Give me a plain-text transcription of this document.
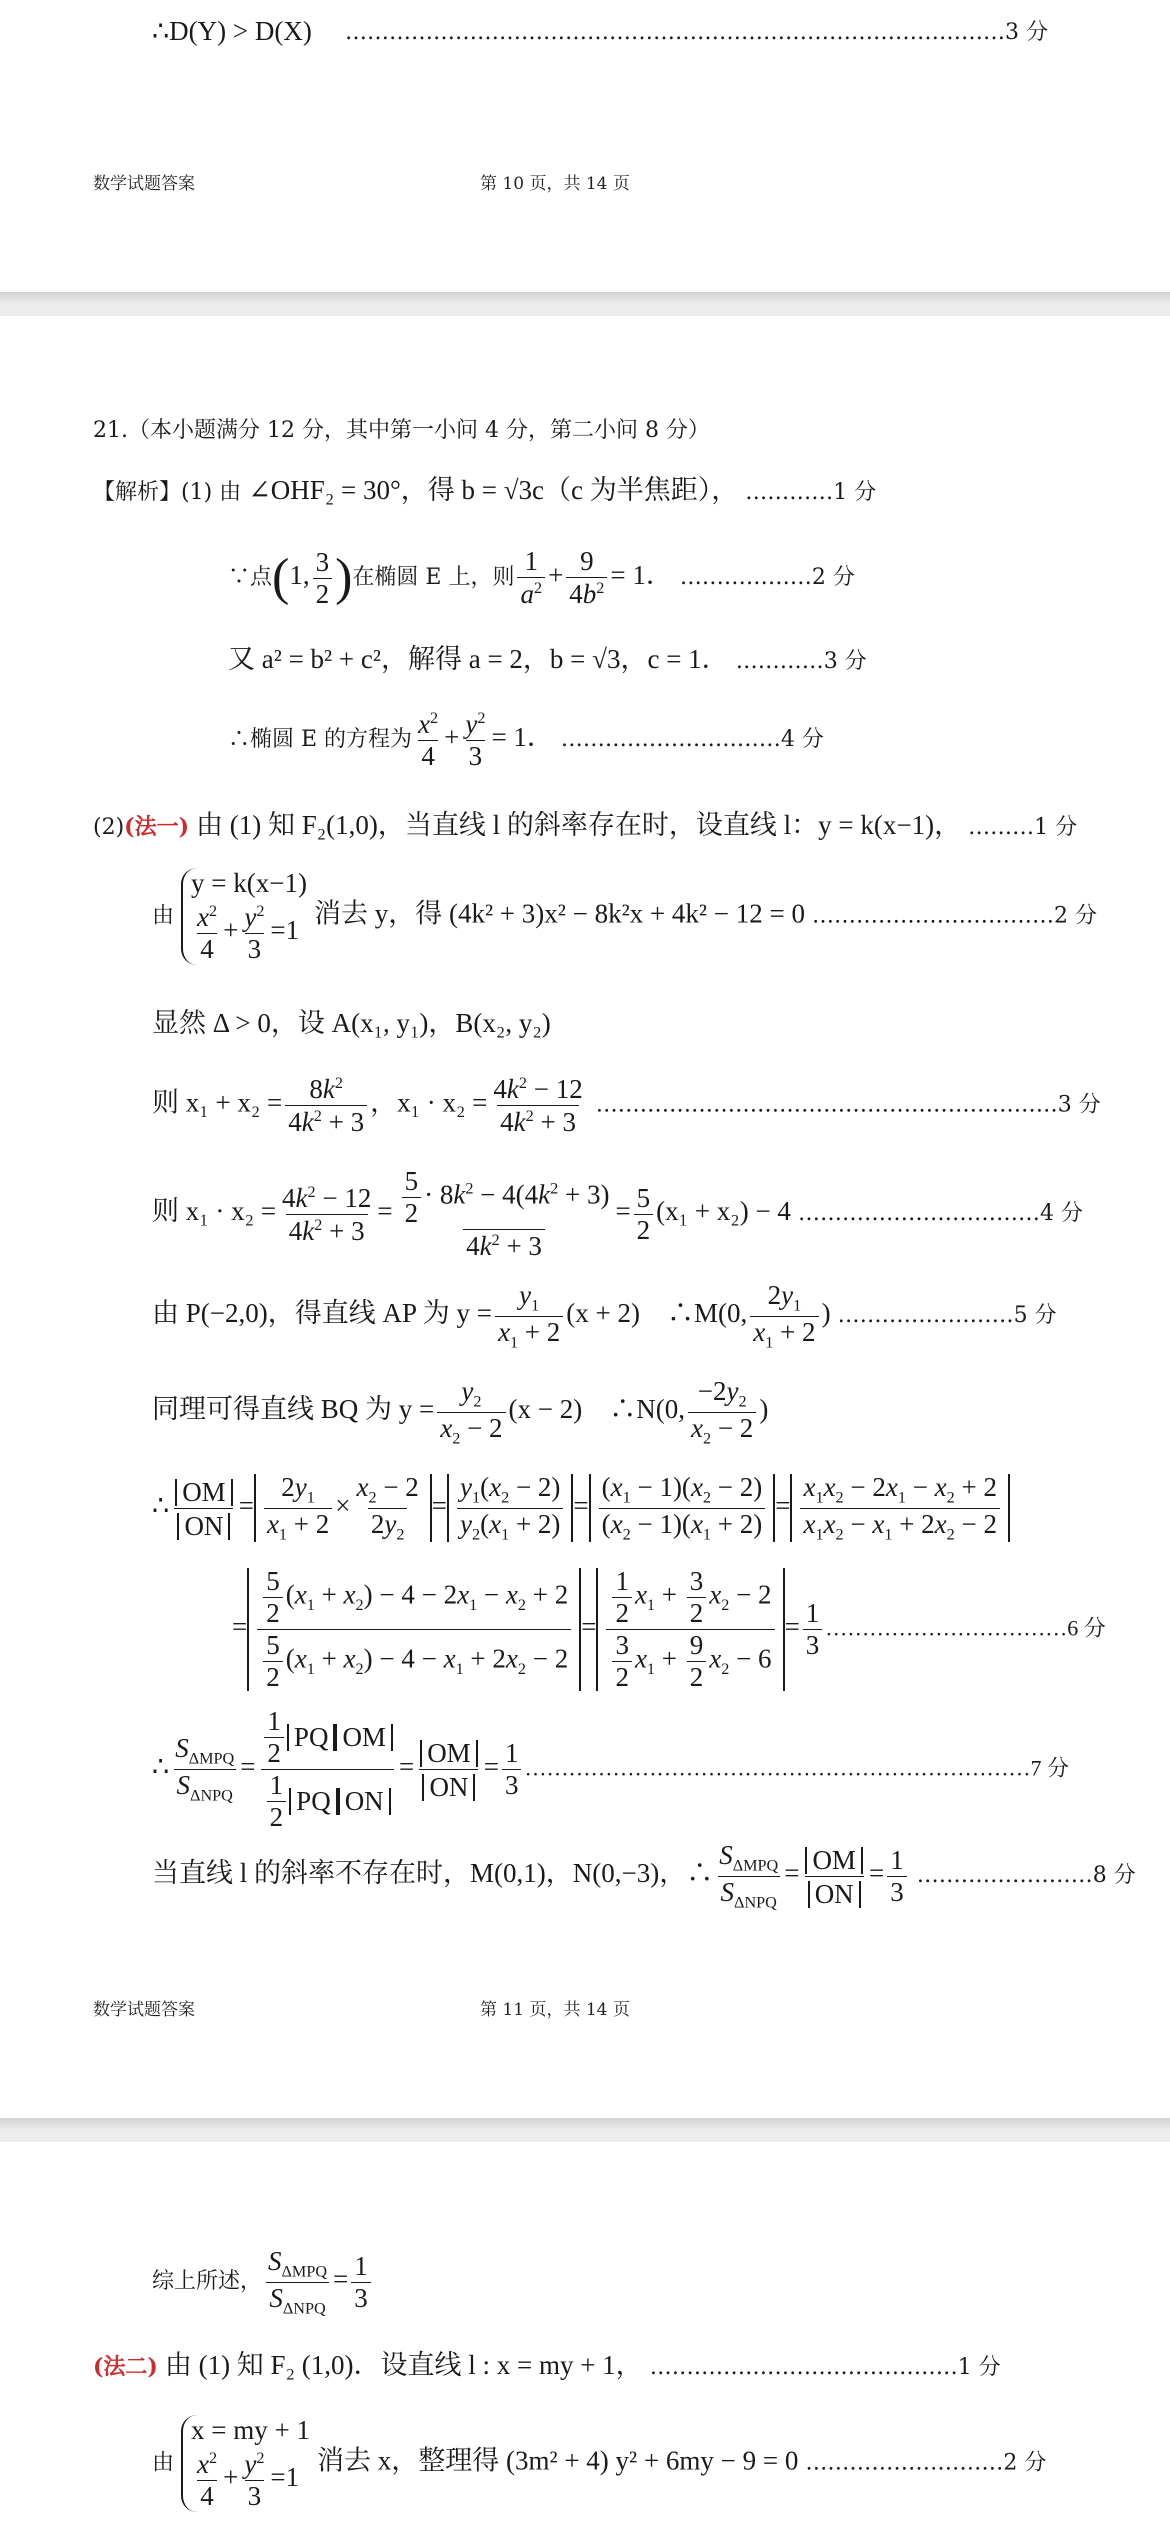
∴D(Y) > D(X) ………………………………………………………………………………3 分
数学试题答案	第 10 页，共 14 页
21.（本小题满分 12 分，其中第一小问 4 分，第二小问 8 分）
【解析】(1) 由 ∠OHF₂ = 30°，得 b = √3c（c 为半焦距）， …………1 分
∵点(1, $\frac{3}{2}$ )在椭圆 E 上，则 $\frac{1}{a^2} + \frac{9}{4b^2} = 1$． ………………2 分
又 a² = b² + c²，解得 a = 2，b = √3，c = 1． …………3 分
∴椭圆 E 的方程为 $\frac{x^2}{4} + \frac{y^2}{3} = 1$． …………………………4 分
(2)(法一) 由 (1) 知 F₂(1,0)，当直线 l 的斜率存在时，设直线 l：y = k(x−1)， ………1 分
由
y = k(x−1)
$\frac{x^2}{4} + \frac{y^2}{3} =1$
消去 y，得 (4k² + 3)x² − 8k²x + 4k² − 12 = 0 ……………………………2 分
显然 Δ > 0，设 A(x₁, y₁)，B(x₂, y₂)
则 $x_1 + x_2 = \frac{8k^2}{4k^2 + 3}$ ，$x_1 \cdot x_2 = \frac{4k^2 - 12}{4k^2 + 3}$ ………………………………………………………3 分
则 $x_1 \cdot x_2 = \frac{4k^2 - 12}{4k^2 + 3} = \frac{\frac{5}{2} \cdot 8k^2 - 4(4k^2 + 3)}{4k^2 + 3} = \frac{5}{2} (x_1 + x_2) - 4$ ……………………………4 分
由 P(−2,0)，得直线 AP 为 $y = \frac{y_1}{x_1 + 2} (x + 2)$　∴M(0, $\frac{2y_1}{x_1 + 2}$ ) ……………………5 分
同理可得直线 BQ 为 $y = \frac{y_2}{x_2 - 2} (x - 2)$　∴N(0, $\frac{-2y_2}{x_2 - 2}$ )
∴ $\frac{OM}{ON} = \frac{2y_1}{x_1 + 2} \times \frac{x_2 - 2}{2y_2} = \frac{y_1(x_2 - 2)}{y_2(x_1 + 2)} = \frac{(x_1 - 1)(x_2 - 2)}{(x_2 - 1)(x_1 + 2)} = \frac{x_1x_2 - 2x_1 - x_2 + 2}{x_1x_2 - x_1 + 2x_2 - 2}$
= $\frac{\frac{5}{2} (x_1 + x_2) - 4 - 2x_1 - x_2 + 2}{\frac{5}{2} (x_1 + x_2) - 4 - x_1 + 2x_2 - 2} = \frac{\frac{1}{2} x_1 + \frac{3}{2} x_2 - 2}{\frac{3}{2} x_1 + \frac{9}{2} x_2 - 6} = \frac{1}{3}$ ……………………………6 分
∴ $\frac{S_{\Delta MPQ}}{S_{\Delta NPQ}} = \frac{\frac{1}{2} PQ OM}{\frac{1}{2} PQ ON} = \frac{OM}{ON} = \frac{1}{3}$ ……………………………………………………………7 分
当直线 l 的斜率不存在时，M(0,1)，N(0,−3)，∴ $\frac{S_{\Delta MPQ}}{S_{\Delta NPQ}} = \frac{OM}{ON} = \frac{1}{3}$ ……………………8 分
数学试题答案	第 11 页，共 14 页
综上所述， $\frac{S_{\Delta MPQ}}{S_{\Delta NPQ}} = \frac{1}{3}$
(法二) 由 (1) 知 F₂ (1,0)．设直线 l : x = my + 1， ……………………………………1 分
由
x = my + 1
$\frac{x^2}{4} + \frac{y^2}{3} =1$
消去 x，整理得 (3m² + 4) y² + 6my − 9 = 0 ………………………2 分
